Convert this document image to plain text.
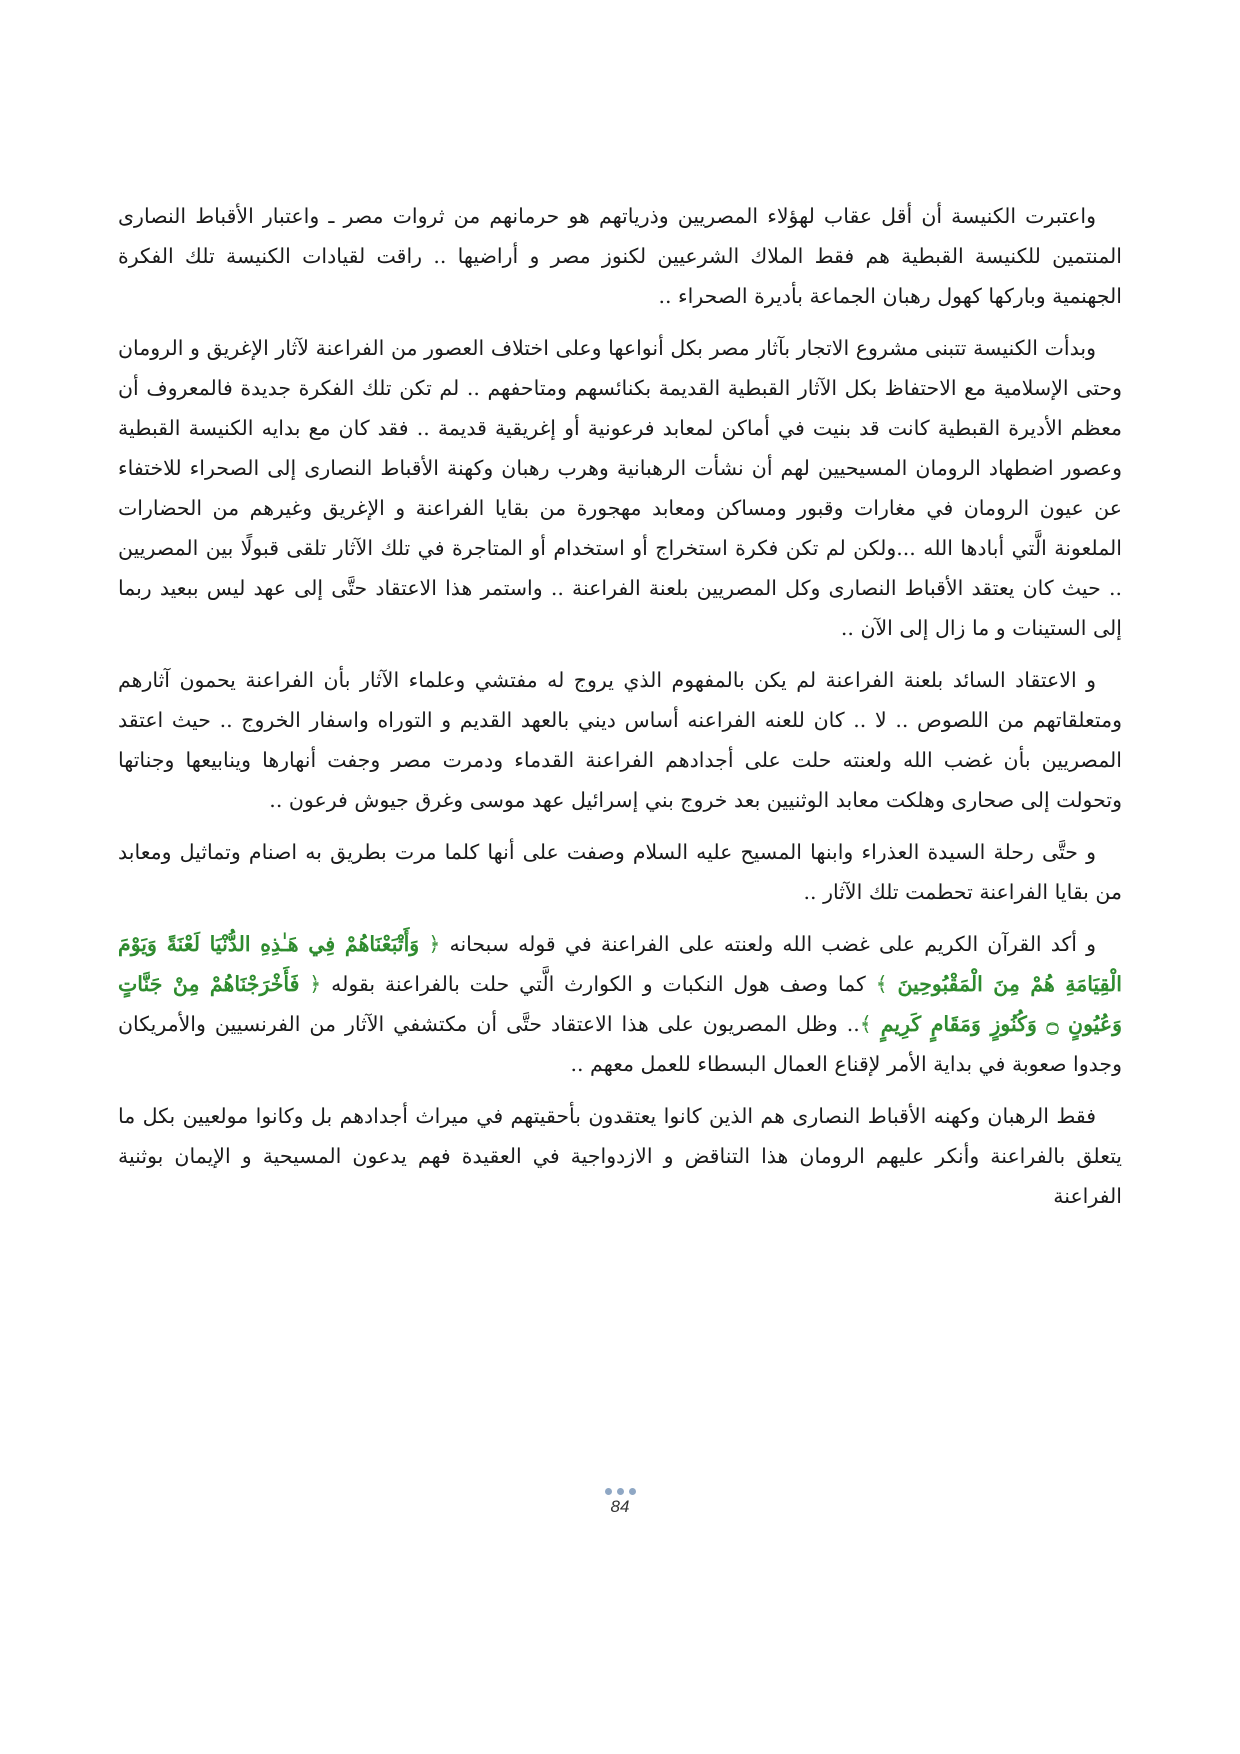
واعتبرت الكنيسة أن أقل عقاب لهؤلاء المصريين وذرياتهم هو حرمانهم من ثروات مصر ـ واعتبار الأقباط النصارى المنتمين للكنيسة القبطية هم فقط الملاك الشرعيين لكنوز مصر و أراضيها .. راقت لقيادات الكنيسة تلك الفكرة الجهنمية وباركها كهول رهبان الجماعة بأديرة الصحراء ..

وبدأت الكنيسة تتبنى مشروع الاتجار بآثار مصر بكل أنواعها وعلى اختلاف العصور من الفراعنة لآثار الإغريق و الرومان وحتى الإسلامية مع الاحتفاظ بكل الآثار القبطية القديمة بكنائسهم ومتاحفهم .. لم تكن تلك الفكرة جديدة فالمعروف أن معظم الأديرة القبطية كانت قد بنيت في أماكن لمعابد فرعونية أو إغريقية قديمة .. فقد كان مع بدايه الكنيسة القبطية وعصور اضطهاد الرومان المسيحيين لهم أن نشأت الرهبانية وهرب رهبان وكهنة الأقباط النصارى إلى الصحراء للاختفاء عن عيون الرومان في مغارات وقبور ومساكن ومعابد مهجورة من بقايا الفراعنة و الإغريق وغيرهم من الحضارات الملعونة الَّتي أبادها الله ...ولكن لم تكن فكرة استخراج أو استخدام أو المتاجرة في تلك الآثار تلقى قبولًا بين المصريين .. حيث كان يعتقد الأقباط النصارى وكل المصريين بلعنة الفراعنة .. واستمر هذا الاعتقاد حتَّى إلى عهد ليس ببعيد ربما إلى الستينات و ما زال إلى الآن ..

و الاعتقاد السائد بلعنة الفراعنة لم يكن بالمفهوم الذي يروج له مفتشي وعلماء الآثار بأن الفراعنة يحمون آثارهم ومتعلقاتهم من اللصوص .. لا .. كان للعنه الفراعنه أساس ديني بالعهد القديم و التوراه واسفار الخروج .. حيث اعتقد المصريين بأن غضب الله ولعنته حلت على أجدادهم الفراعنة القدماء ودمرت مصر وجفت أنهارها وينابيعها وجناتها وتحولت إلى صحارى وهلكت معابد الوثنيين بعد خروج بني إسرائيل عهد موسى وغرق جيوش فرعون ..

و حتَّى رحلة السيدة العذراء وابنها المسيح عليه السلام وصفت على أنها كلما مرت بطريق به اصنام وتماثيل ومعابد من بقايا الفراعنة تحطمت تلك الآثار ..

و أكد القرآن الكريم على غضب الله ولعنته على الفراعنة في قوله سبحانه ﴿ وَأَتْبَعْنَاهُمْ فِي هَـٰذِهِ الدُّنْيَا لَعْنَةً وَيَوْمَ الْقِيَامَةِ هُمْ مِنَ الْمَقْبُوحِينَ ﴾ كما وصف هول النكبات و الكوارث الَّتي حلت بالفراعنة بقوله ﴿ فَأَخْرَجْنَاهُمْ مِنْ جَنَّاتٍ وَعُيُونٍ ۝ وَكُنُوزٍ وَمَقَامٍ كَرِيمٍ ﴾.. وظل المصريون على هذا الاعتقاد حتَّى أن مكتشفي الآثار من الفرنسيين والأمريكان وجدوا صعوبة في بداية الأمر لإقناع العمال البسطاء للعمل معهم ..

فقط الرهبان وكهنه الأقباط النصارى هم الذين كانوا يعتقدون بأحقيتهم في ميراث أجدادهم بل وكانوا مولعيين بكل ما يتعلق بالفراعنة وأنكر عليهم الرومان هذا التناقض و الازدواجية في العقيدة فهم يدعون المسيحية و الإيمان بوثنية الفراعنة

84
